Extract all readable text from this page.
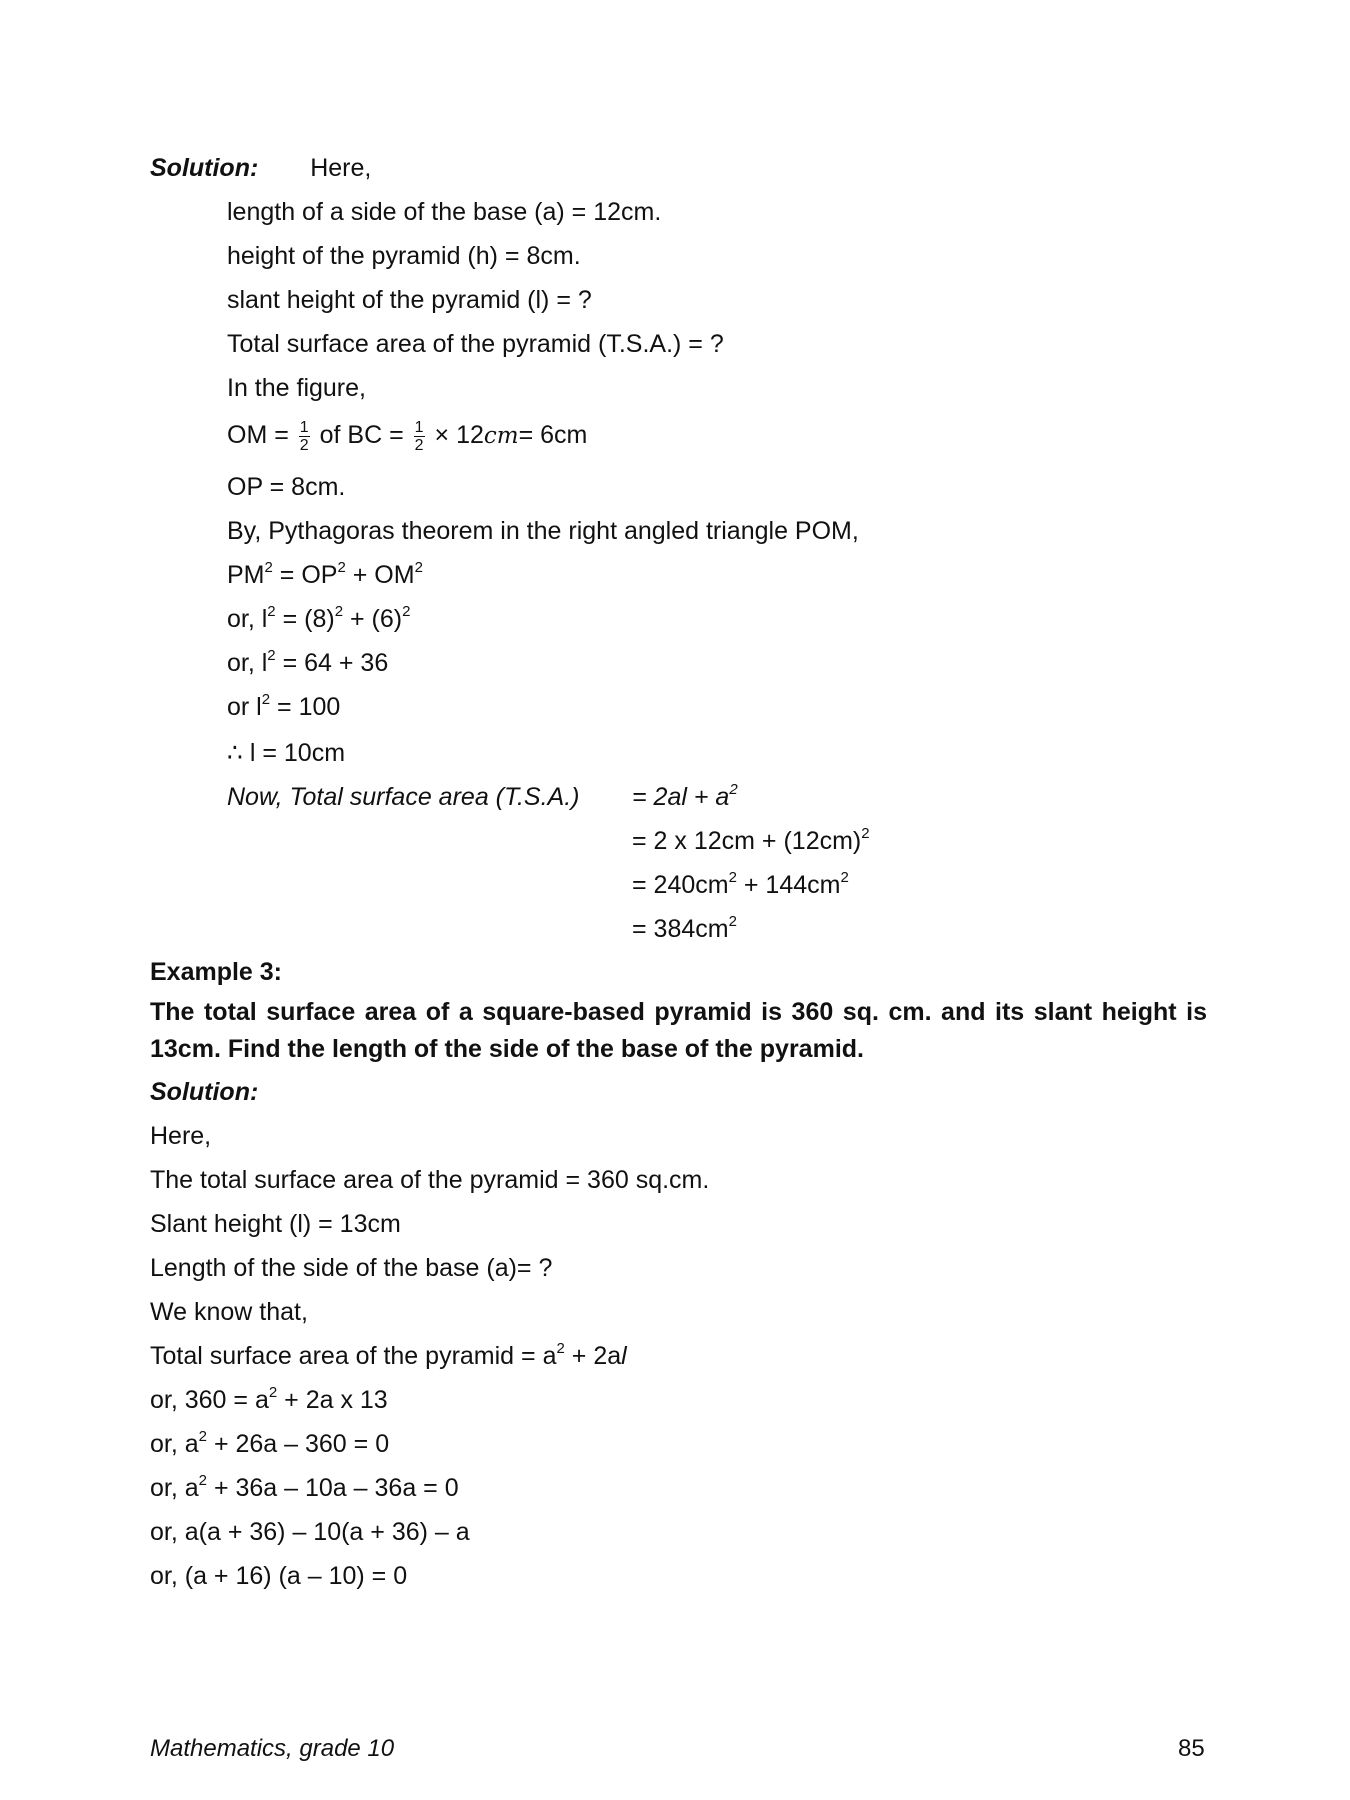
Solution: Here,
length of a side of the base (a) = 12cm.
height of the pyramid (h) = 8cm.
slant height of the pyramid (l) = ?
Total surface area of the pyramid (T.S.A.) = ?
In the figure,
OM = $\frac{1}{2}$ of BC = $\frac{1}{2} \times 12cm= 6cm$
OP = 8cm.
By, Pythagoras theorem in the right angled triangle POM,
$PM^2 = OP^2 + OM^2$
or, $l^2 = (8)^2 + (6)^2$
or, $l^2 = 64 + 36$
or $l^2 = 100$
∴ l = 10cm
Now, Total surface area $(T.S.A.) = 2al + a^2$
= 2 x $12cm + (12cm)^2$
= $240cm^2 + 144cm^2$
= $384cm^2$
Example 3:
The total surface area of a square-based pyramid is 360 sq. cm. and its slant height is 13cm. Find the length of the side of the base of the pyramid.
Solution:
Here,
The total surface area of the pyramid = 360 sq.cm.
Slant height (l) = 13cm
Length of the side of the base (a)= ?
We know that,
Total surface area of the pyramid = $a^2 + 2al$
or, $360 = a^2 + 2a$ x 13
or, $a^2 + 26a - 360 = 0$
or, $a^2 + 36a - 10a - 36a = 0$
or, a(a + 36) – 10(a + 36) – a
or, (a + 16) (a – 10) = 0
Mathematics, grade 10	85
